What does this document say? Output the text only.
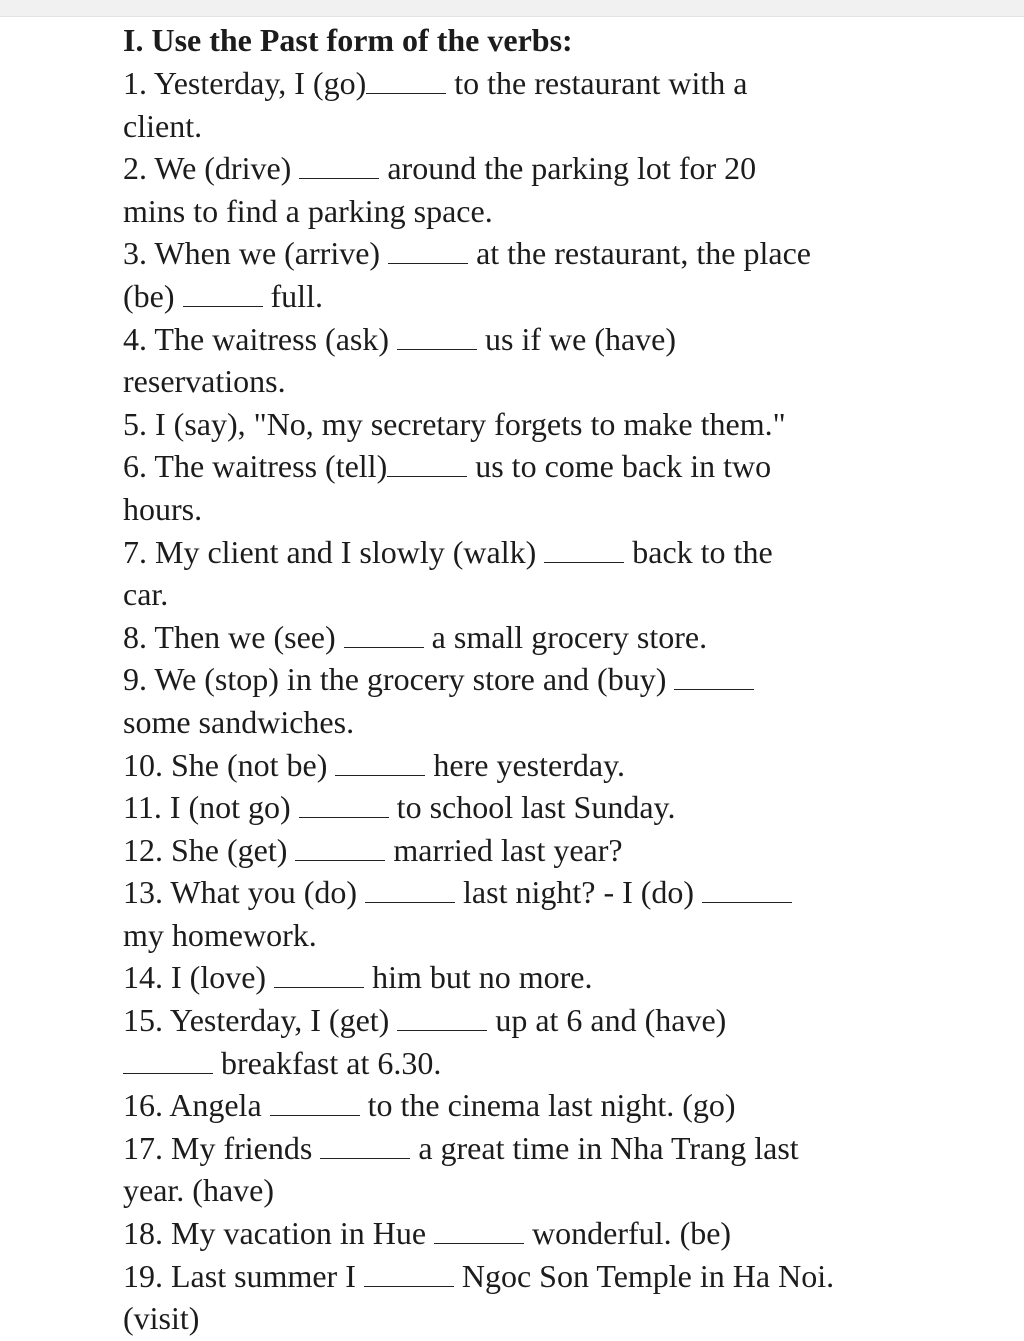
I. Use the Past form of the verbs:
1. Yesterday, I (go)	to the restaurant with a
client.
2. We (drive)	around the parking lot for 20
mins to find a parking space.
3. When we (arrive)	at the restaurant, the place
(be)	full.
4. The waitress (ask)	us if we (have)
reservations.
5. I (say), "No, my secretary forgets to make them."
6. The waitress (tell)	us to come back in two
hours.
7. My client and I slowly (walk)	back to the
car.
8. Then we (see)	a small grocery store.
9. We (stop) in the grocery store and (buy)
some sandwiches.
10. She (not be)	here yesterday.
11. I (not go)	to school last Sunday.
12. She (get)	married last year?
13. What you (do)	last night? - I (do)
my homework.
14. I (love)	him but no more.
15. Yesterday, I (get)	up at 6 and (have)
breakfast at 6.30.
16. Angela	to the cinema last night. (go)
17. My friends	a great time in Nha Trang last
year. (have)
18. My vacation in Hue	wonderful. (be)
19. Last summer I	Ngoc Son Temple in Ha Noi.
(visit)
